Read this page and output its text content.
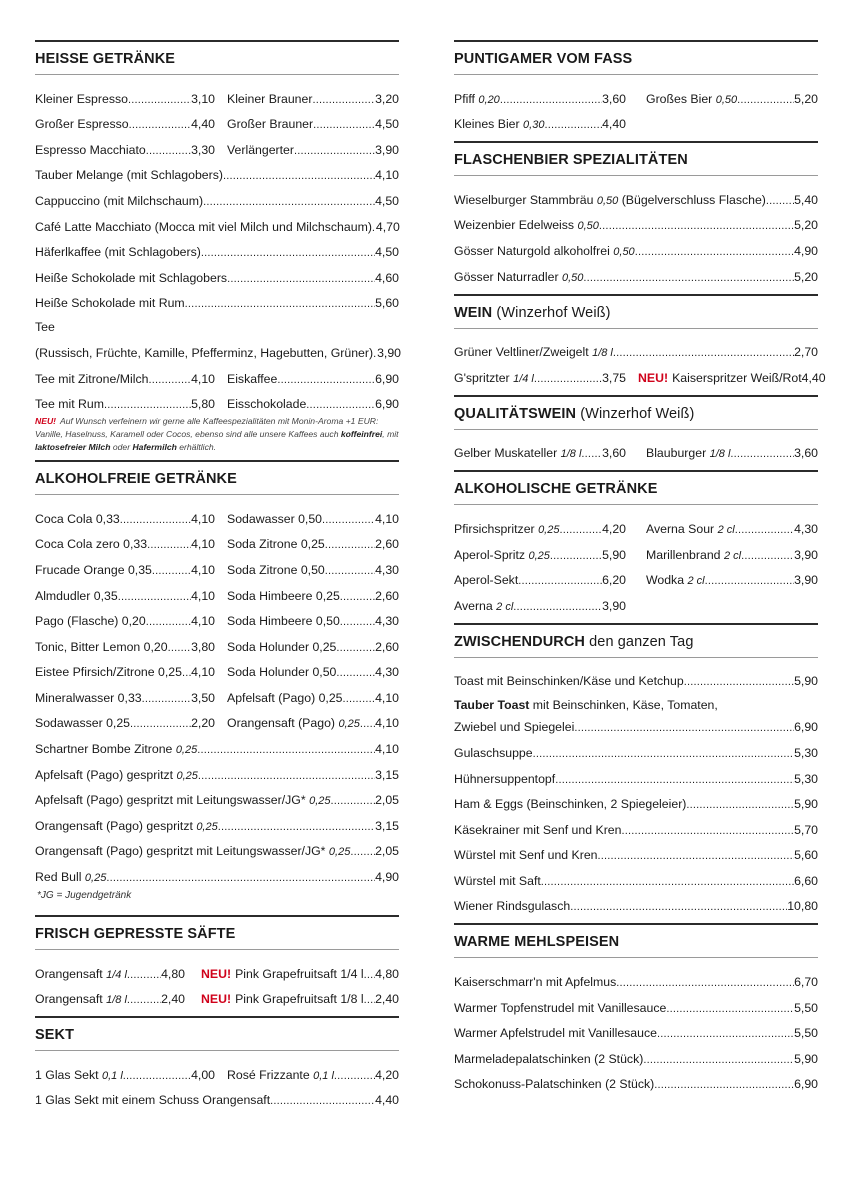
HEISSE GETRÄNKE
Kleiner Espresso .....	3,10 Kleiner Brauner .....	3,20
Großer Espresso .....	4,40 Großer Brauner .....	4,50
Espresso Macchiato .....	3,30 Verlängerter .....	3,90
Tauber Melange (mit Schlagobers) .....	4,10
Cappuccino (mit Milchschaum) .....	4,50
Café Latte Macchiato (Mocca mit viel Milch und Milchschaum) ..... 4,70
Häferlkaffee (mit Schlagobers) .....	4,50
Heiße Schokolade mit Schlagobers .....	4,60
Heiße Schokolade mit Rum .....	5,60
Tee
(Russisch, Früchte, Kamille, Pfefferminz, Hagebutten, Grüner) ..... 3,90
Tee mit Zitrone/Milch .....	4,10 Eiskaffee .....	6,90
Tee mit Rum .....	5,80 Eisschokolade .....	6,90
NEU! Auf Wunsch verfeinern wir gerne alle Kaffeespezialitäten mit Monin-Aroma +1 EUR:
Vanille, Haselnuss, Karamell oder Cocos, ebenso sind alle unsere Kaffees auch koffeinfrei, mit
laktosefreier Milch oder Hafermilch erhältlich.
ALKOHOLFREIE GETRÄNKE
Coca Cola 0,33 .....	4,10 Sodawasser 0,50 .....	4,10
Coca Cola zero 0,33 .....	4,10 Soda Zitrone 0,25 .....	2,60
Frucade Orange 0,35 .....	4,10 Soda Zitrone 0,50 .....	4,30
Almdudler 0,35 .....	4,10 Soda Himbeere 0,25 .....	2,60
Pago (Flasche) 0,20 .....	4,10 Soda Himbeere 0,50 .....	4,30
Tonic, Bitter Lemon 0,20 ..... 3,80 Soda Holunder 0,25 .....	2,60
Eistee Pfirsich/Zitrone 0,25 ..... 4,10 Soda Holunder 0,50 .....	4,30
Mineralwasser 0,33 .....	3,50 Apfelsaft (Pago) 0,25 .....	4,10
Sodawasser 0,25 .....	2,20 Orangensaft (Pago) 0,25 ..... 4,10
Schartner Bombe Zitrone 0,25 .....	4,10
Apfelsaft (Pago) gespritzt 0,25 .....	3,15
Apfelsaft (Pago) gespritzt mit Leitungswasser/JG* 0,25 .....	2,05
Orangensaft (Pago) gespritzt 0,25 .....	3,15
Orangensaft (Pago) gespritzt mit Leitungswasser/JG* 0,25 ..... 2,05
Red Bull 0,25 .....	4,90
*JG = Jugendgetränk
FRISCH GEPRESSTE SÄFTE
Orangensaft 1/4 l .....	4,80 NEU! Pink Grapefruitsaft 1/4 l ..... 4,80
Orangensaft 1/8 l .....	2,40 NEU! Pink Grapefruitsaft 1/8 l ..... 2,40
SEKT
1 Glas Sekt 0,1 l .....	4,00 Rosé Frizzante 0,1 l .....	4,20
1 Glas Sekt mit einem Schuss Orangensaft .....	4,40
PUNTIGAMER VOM FASS
Pfiff 0,20 .....	3,60 Großes Bier 0,50 .....	5,20
Kleines Bier 0,30 .....	4,40
FLASCHENBIER SPEZIALITÄTEN
Wieselburger Stammbräu 0,50 (Bügelverschluss Flasche) ..... 5,40
Weizenbier Edelweiss 0,50 .....	5,20
Gösser Naturgold alkoholfrei 0,50 .....	4,90
Gösser Naturradler 0,50 .....	5,20
WEIN (Winzerhof Weiß)
Grüner Veltliner/Zweigelt 1/8 l .....	2,70
G'spritzter 1/4 l .....	3,75 NEU! Kaiserspritzer Weiß/Rot 4,40
QUALITÄTSWEIN (Winzerhof Weiß)
Gelber Muskateller 1/8 l ..... 3,60 Blauburger 1/8 l .....	3,60
ALKOHOLISCHE GETRÄNKE
Pfirsichspritzer 0,25 .....	4,20 Averna Sour 2 cl .....	4,30
Aperol-Spritz 0,25 .....	5,90 Marillenbrand 2 cl .....	3,90
Aperol-Sekt .....	6,20 Wodka 2 cl .....	3,90
Averna 2 cl .....	3,90
ZWISCHENDURCH den ganzen Tag
Toast mit Beinschinken/Käse und Ketchup .....	5,90
Tauber Toast mit Beinschinken, Käse, Tomaten,
Zwiebel und Spiegelei .....	6,90
Gulaschsuppe .....	5,30
Hühnersuppentopf .....	5,30
Ham & Eggs (Beinschinken, 2 Spiegeleier) .....	5,90
Käsekrainer mit Senf und Kren .....	5,70
Würstel mit Senf und Kren .....	5,60
Würstel mit Saft .....	6,60
Wiener Rindsgulasch .....	10,80
WARME MEHLSPEISEN
Kaiserschmarr'n mit Apfelmus .....	6,70
Warmer Topfenstrudel mit Vanillesauce .....	5,50
Warmer Apfelstrudel mit Vanillesauce .....	5,50
Marmeladepalatschinken (2 Stück) .....	5,90
Schokonuss-Palatschinken (2 Stück) .....	6,90
